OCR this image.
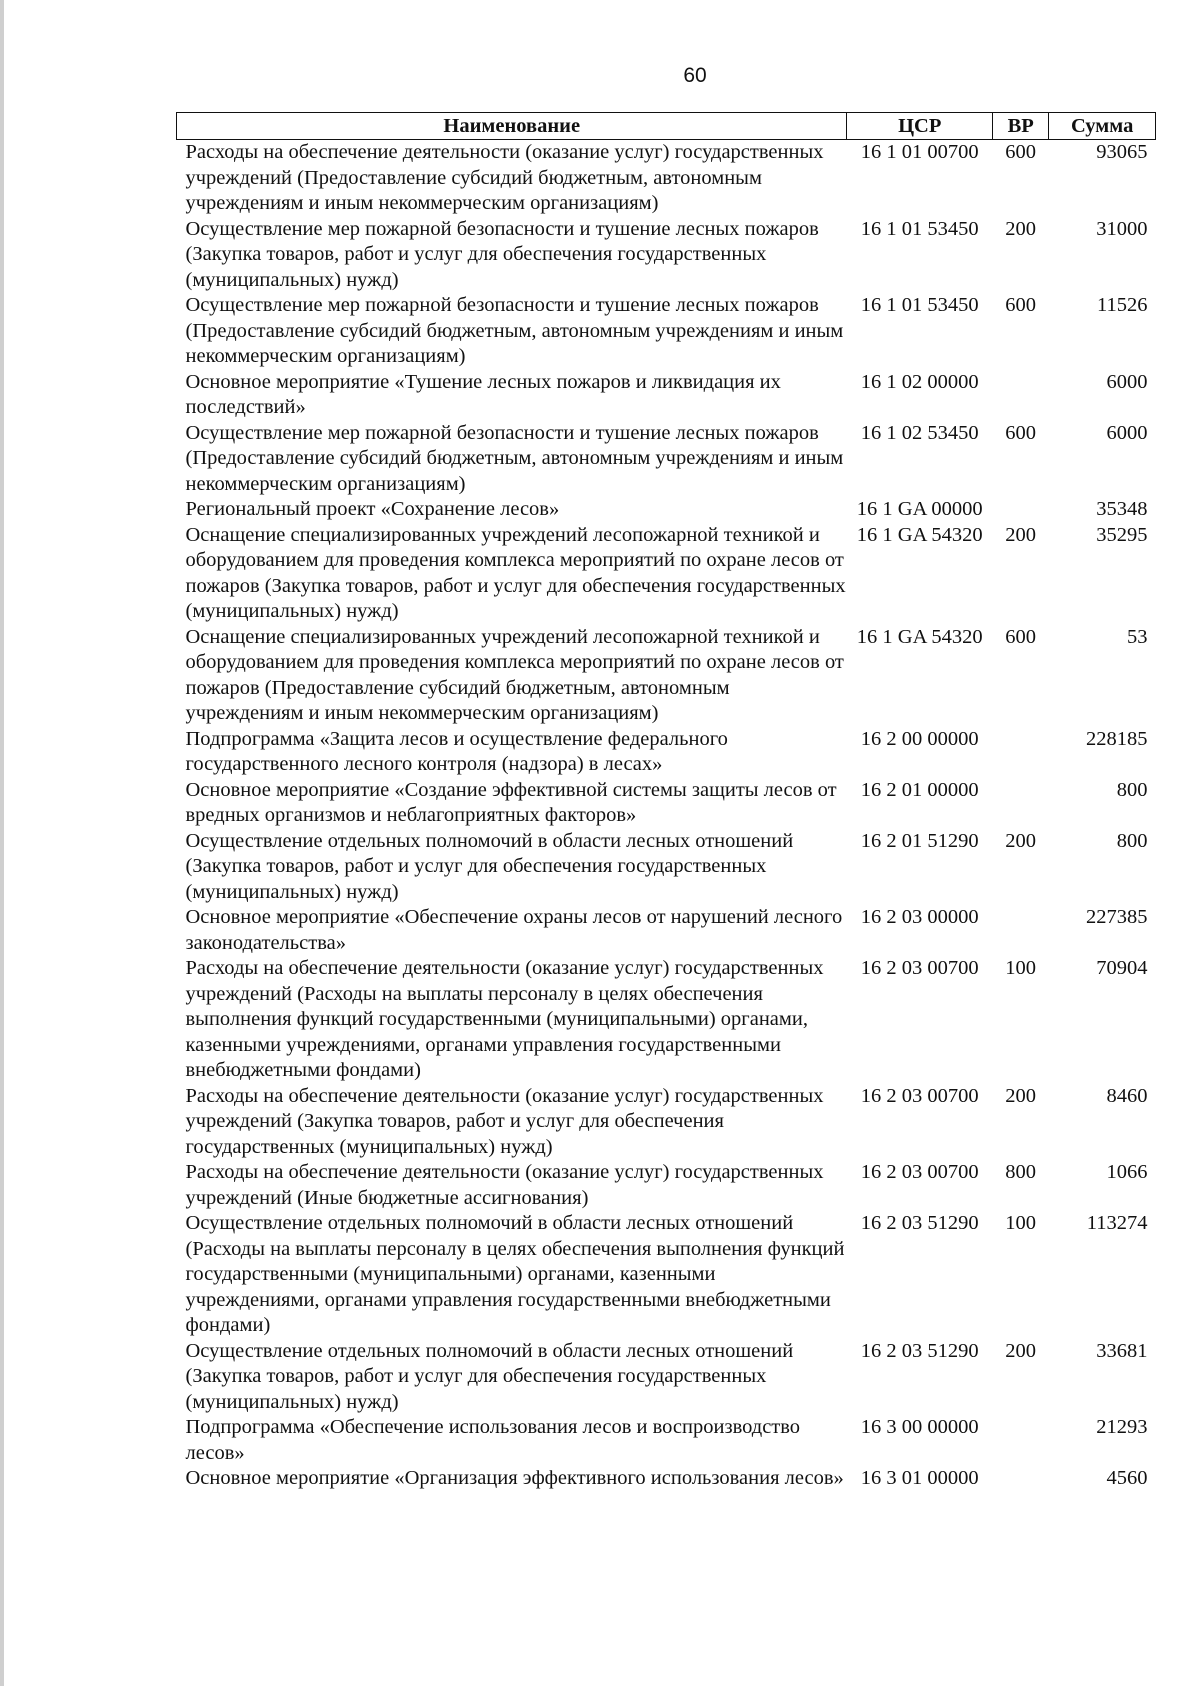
60
Наименование	ЦСР	ВР	Сумма
Расходы на обеспечение деятельности (оказание услуг) государственных учреждений (Предоставление субсидий бюджетным, автономным учреждениям и иным некоммерческим организациям)	16 1 01 00700	600	93065
Осуществление мер пожарной безопасности и тушение лесных пожаров (Закупка товаров, работ и услуг для обеспечения государственных (муниципальных) нужд)	16 1 01 53450	200	31000
Осуществление мер пожарной безопасности и тушение лесных пожаров (Предоставление субсидий бюджетным, автономным учреждениям и иным некоммерческим организациям)	16 1 01 53450	600	11526
Основное мероприятие «Тушение лесных пожаров и ликвидация их последствий»	16 1 02 00000		6000
Осуществление мер пожарной безопасности и тушение лесных пожаров (Предоставление субсидий бюджетным, автономным учреждениям и иным некоммерческим организациям)	16 1 02 53450	600	6000
Региональный проект «Сохранение лесов»	16 1 GA 00000		35348
Оснащение специализированных учреждений лесопожарной техникой и оборудованием для проведения комплекса мероприятий по охране лесов от пожаров (Закупка товаров, работ и услуг для обеспечения государственных (муниципальных) нужд)	16 1 GA 54320	200	35295
Оснащение специализированных учреждений лесопожарной техникой и оборудованием для проведения комплекса мероприятий по охране лесов от пожаров (Предоставление субсидий бюджетным, автономным учреждениям и иным некоммерческим организациям)	16 1 GA 54320	600	53
Подпрограмма «Защита лесов и осуществление федерального государственного лесного контроля (надзора) в лесах»	16 2 00 00000		228185
Основное мероприятие «Создание эффективной системы защиты лесов от вредных организмов и неблагоприятных факторов»	16 2 01 00000		800
Осуществление отдельных полномочий в области лесных отношений (Закупка товаров, работ и услуг для обеспечения государственных (муниципальных) нужд)	16 2 01 51290	200	800
Основное мероприятие «Обеспечение охраны лесов от нарушений лесного законодательства»	16 2 03 00000		227385
Расходы на обеспечение деятельности (оказание услуг) государственных учреждений (Расходы на выплаты персоналу в целях обеспечения выполнения функций государственными (муниципальными) органами, казенными учреждениями, органами управления государственными внебюджетными фондами)	16 2 03 00700	100	70904
Расходы на обеспечение деятельности (оказание услуг) государственных учреждений (Закупка товаров, работ и услуг для обеспечения государственных (муниципальных) нужд)	16 2 03 00700	200	8460
Расходы на обеспечение деятельности (оказание услуг) государственных учреждений (Иные бюджетные ассигнования)	16 2 03 00700	800	1066
Осуществление отдельных полномочий в области лесных отношений (Расходы на выплаты персоналу в целях обеспечения выполнения функций государственными (муниципальными) органами, казенными учреждениями, органами управления государственными внебюджетными фондами)	16 2 03 51290	100	113274
Осуществление отдельных полномочий в области лесных отношений (Закупка товаров, работ и услуг для обеспечения государственных (муниципальных) нужд)	16 2 03 51290	200	33681
Подпрограмма «Обеспечение использования лесов и воспроизводство лесов»	16 3 00 00000		21293
Основное мероприятие «Организация эффективного использования лесов»	16 3 01 00000		4560
